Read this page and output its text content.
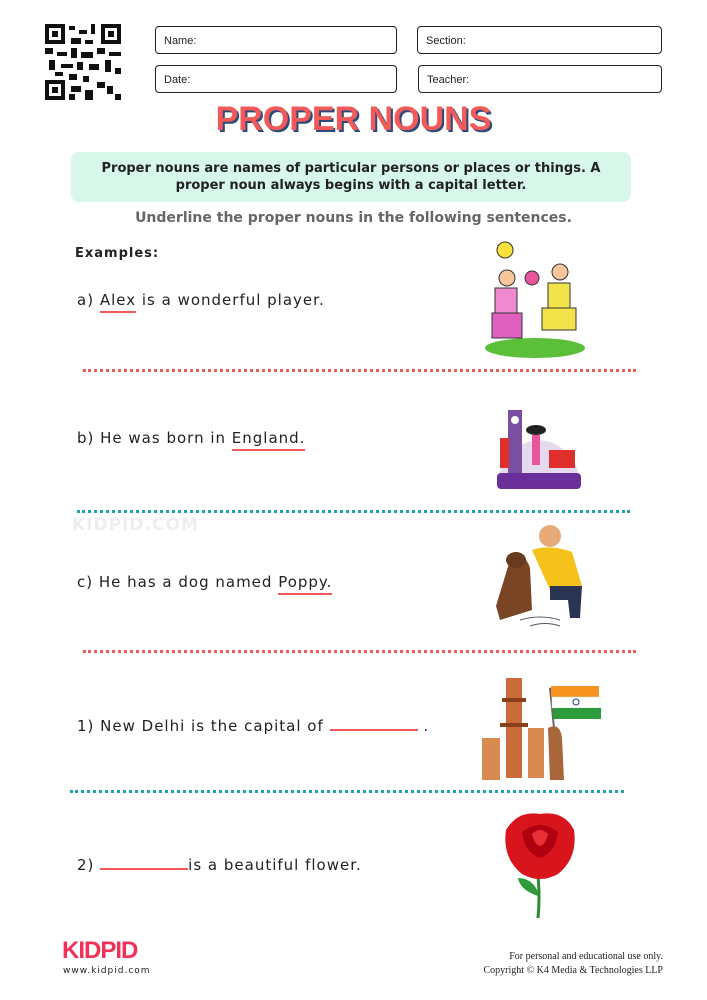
Name:	Section:
Date:	Teacher:
PROPER NOUNS
Proper nouns are names of particular persons or places or things. A proper noun always begins with a capital letter.
Underline the proper nouns in the following sentences.
Examples:
a) Alex is a wonderful player.
b) He was born in England.
c) He has a dog named Poppy.
1) New Delhi is the capital of	.
2)	is a beautiful flower.
KIDPID.COM
KIDPID
www.kidpid.com
For personal and educational use only.
Copyright © K4 Media & Technologies LLP
